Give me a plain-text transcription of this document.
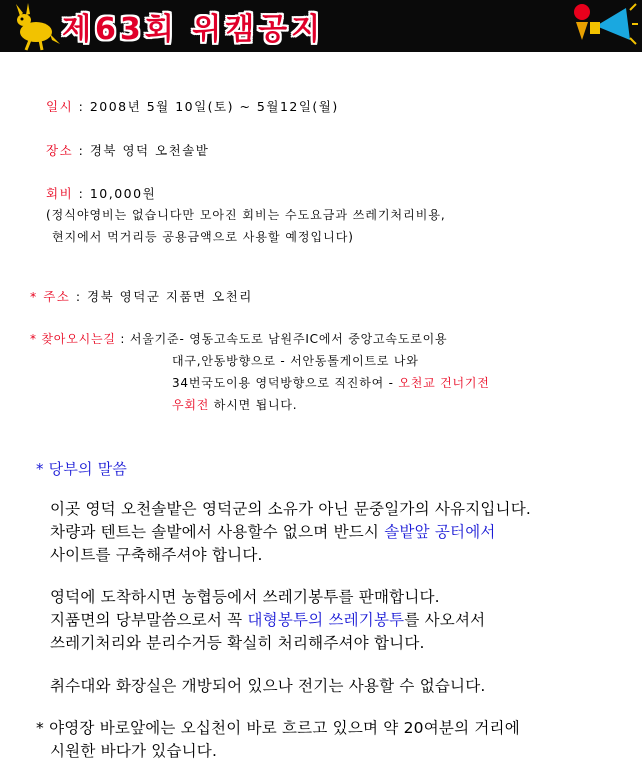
제63회 위캠공지
일시 : 2008년 5월 10일(토) ~ 5월12일(월)
장소 : 경북 영덕 오천솔밭
회비 : 10,000원
(정식야영비는 없습니다만 모아진 회비는 수도요금과 쓰레기처리비용,
현지에서 먹거리등 공용금액으로 사용할 예정입니다)
* 주소 : 경북 영덕군 지품면 오천리
* 찾아오시는길 : 서울기준- 영동고속도로 남원주IC에서 중앙고속도로이용
대구,안동방향으로 - 서안동톨게이트로 나와
34번국도이용 영덕방향으로 직진하여 - 오천교 건너기전
우회전 하시면 됩니다.
* 당부의 말씀
이곳 영덕 오천솔밭은 영덕군의 소유가 아닌 문중일가의 사유지입니다.
차량과 텐트는 솔밭에서 사용할수 없으며 반드시 솔밭앞 공터에서
사이트를 구축해주셔야 합니다.
영덕에 도착하시면 농협등에서 쓰레기봉투를 판매합니다.
지품면의 당부말씀으로서 꼭 대형봉투의 쓰레기봉투를 사오셔서
쓰레기처리와 분리수거등 확실히 처리해주셔야 합니다.
취수대와 화장실은 개방되어 있으나 전기는 사용할 수 없습니다.
* 야영장 바로앞에는 오십천이 바로 흐르고 있으며 약 20여분의 거리에
시원한 바다가 있습니다.
